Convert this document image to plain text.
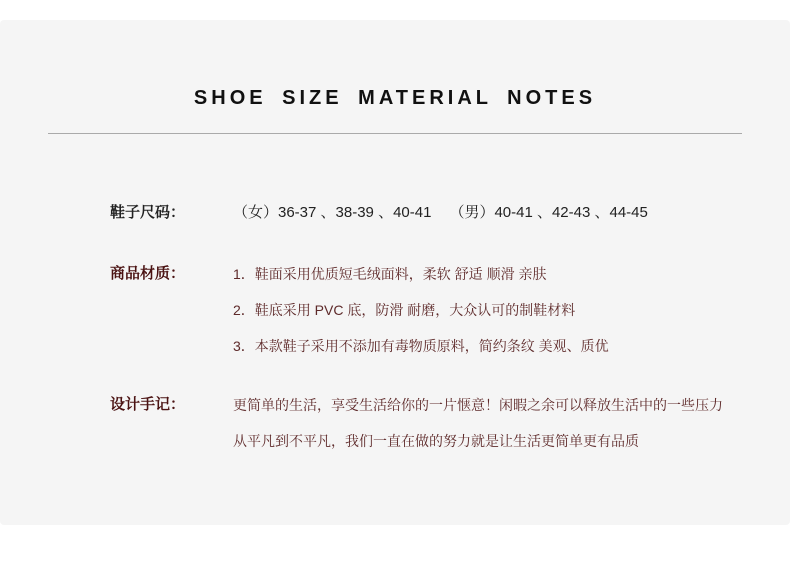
SHOE SIZE MATERIAL NOTES
鞋子尺码：	（女）36-37 、38-39 、40-41 （男）40-41 、42-43 、44-45
商品材质：	1．鞋面采用优质短毛绒面料，柔软 舒适 顺滑 亲肤

2．鞋底采用 PVC 底，防滑 耐磨，大众认可的制鞋材料

3．本款鞋子采用不添加有毒物质原料，简约条纹 美观、质优

设计手记：	更简单的生活，享受生活给你的一片惬意！闲暇之余可以释放生活中的一些压力

从平凡到不平凡，我们一直在做的努力就是让生活更简单更有品质
